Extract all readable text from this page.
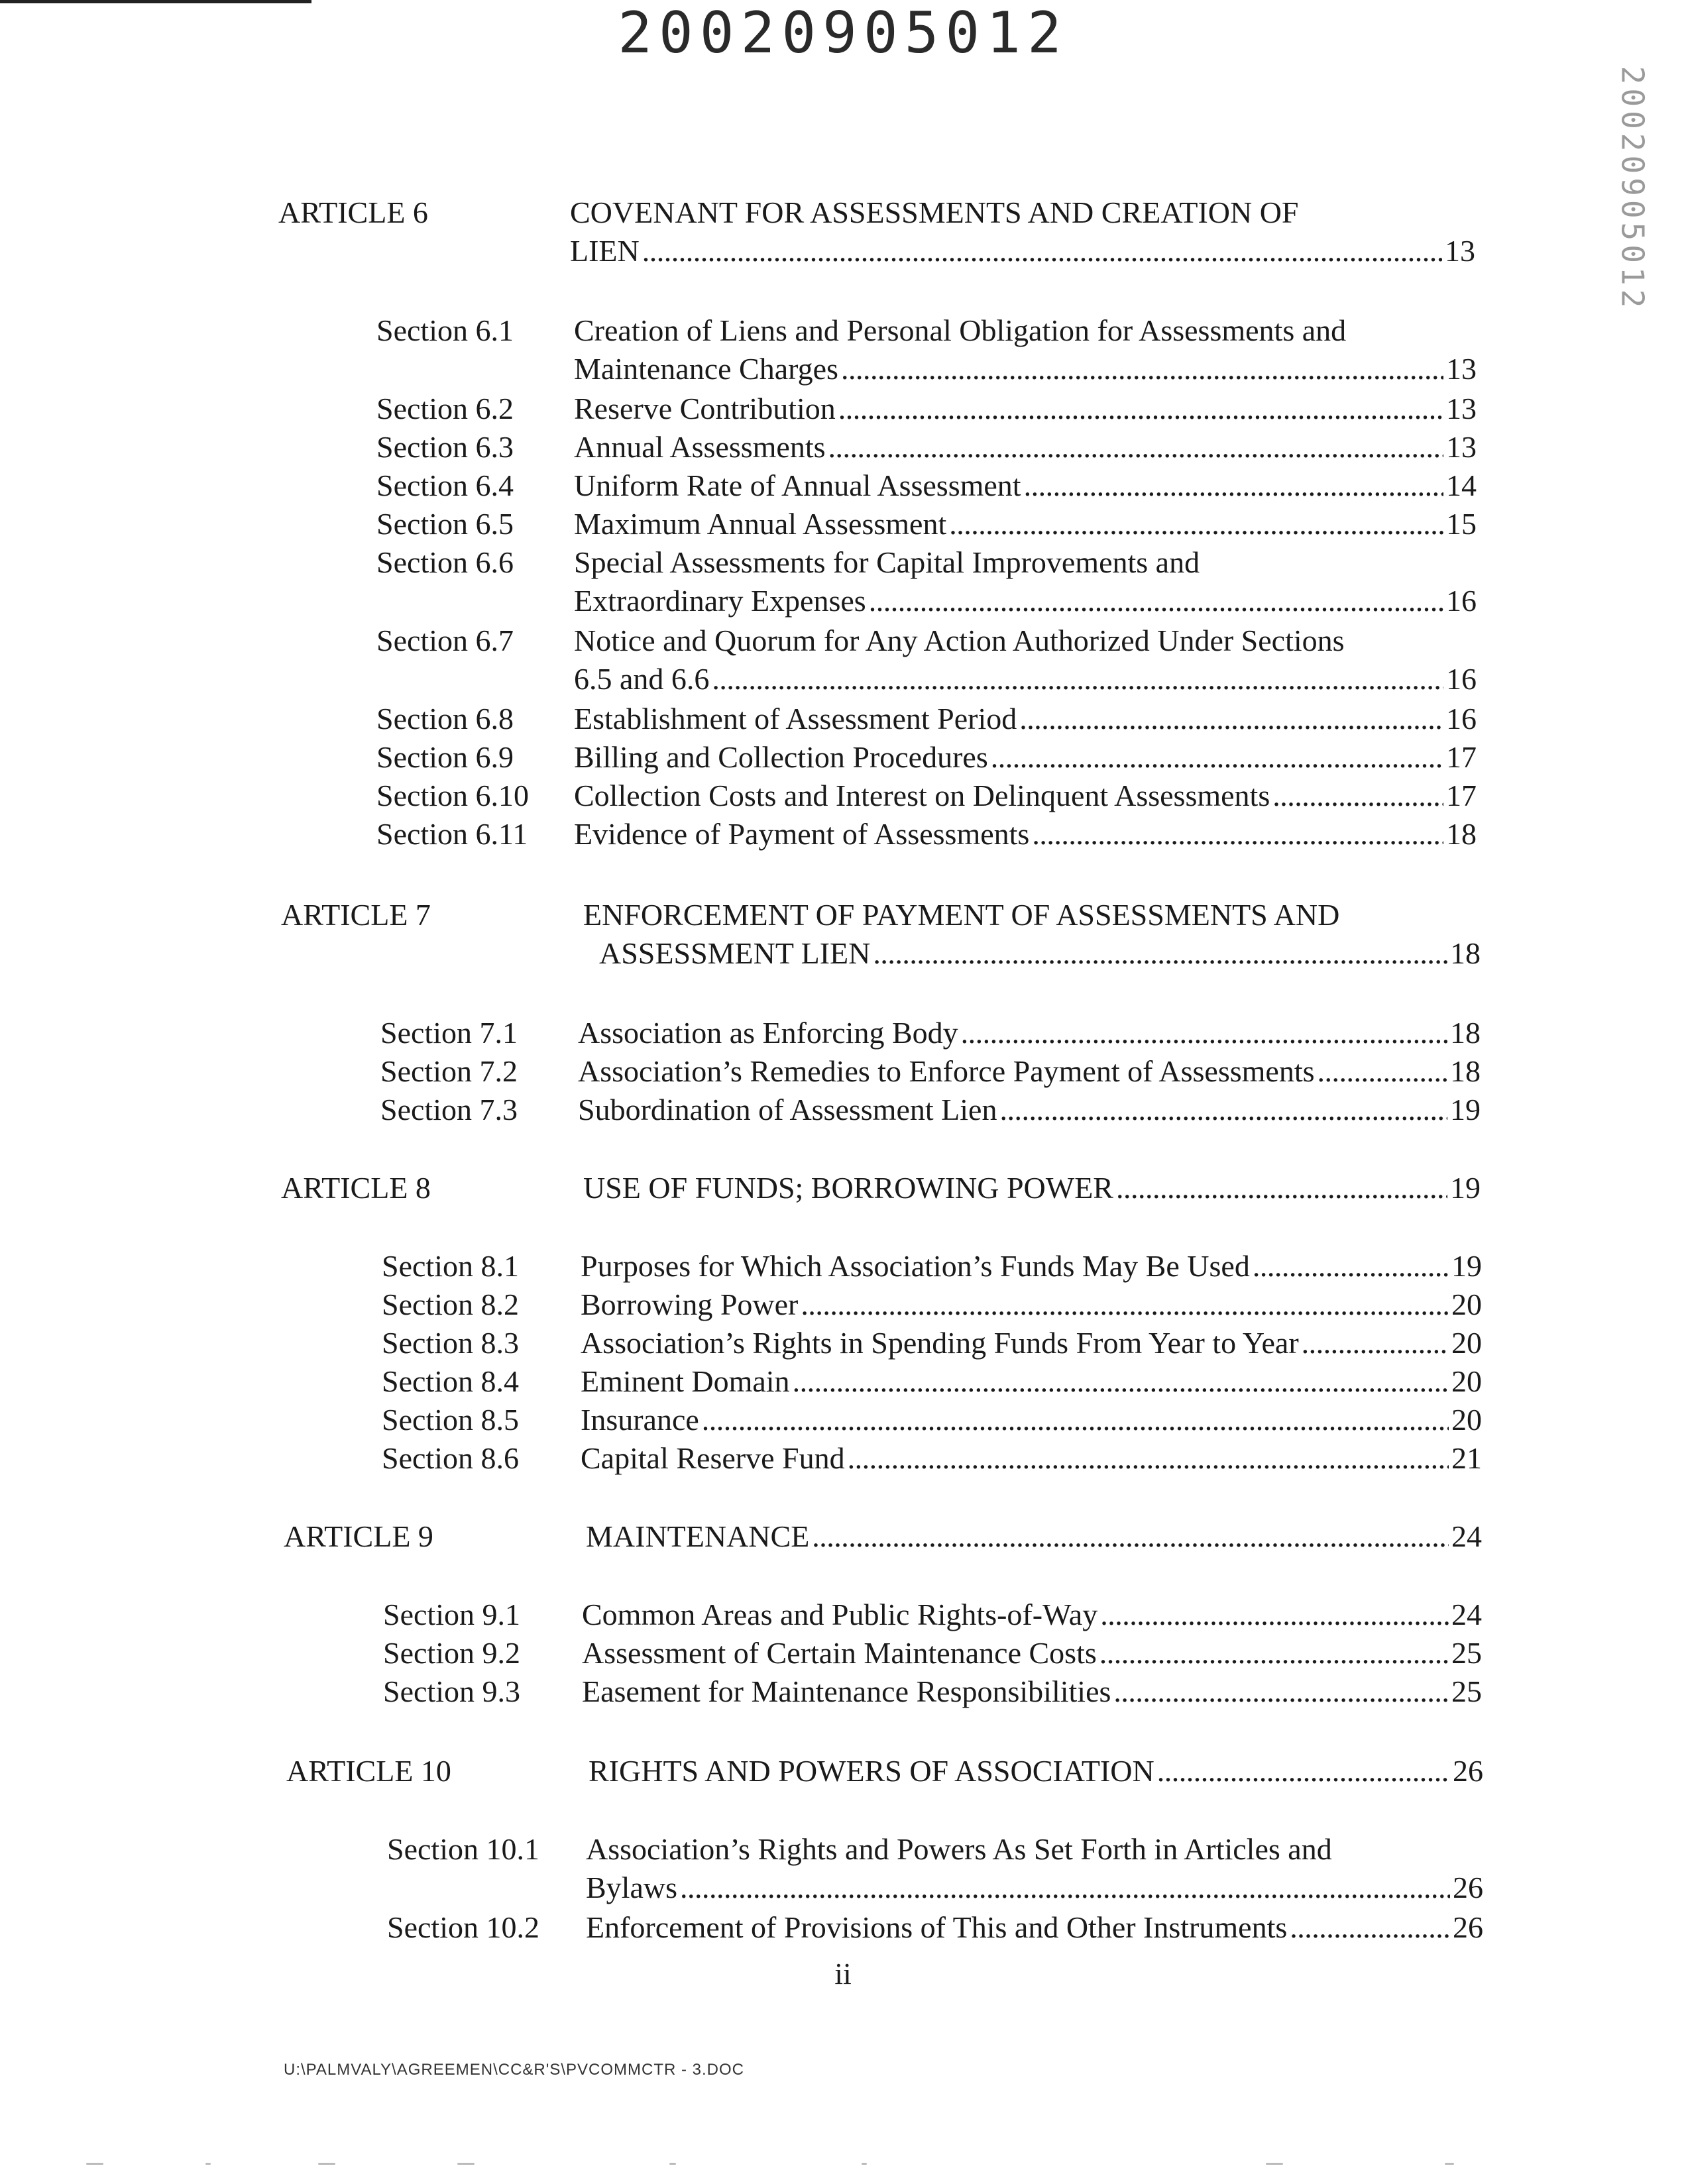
20020905012
20020905012
ARTICLE 6	COVENANT FOR ASSESSMENTS AND CREATION OF
LIEN . . .	13
Section 6.1 Creation of Liens and Personal Obligation for Assessments and
Maintenance Charges . . .	13
Section 6.2 Reserve Contribution . . .	13
Section 6.3 Annual Assessments . . .	13
Section 6.4 Uniform Rate of Annual Assessment . . .	14
Section 6.5 Maximum Annual Assessment . . .	15
Section 6.6 Special Assessments for Capital Improvements and
Extraordinary Expenses . . .	16
Section 6.7 Notice and Quorum for Any Action Authorized Under Sections
6.5 and 6.6 . . .	16
Section 6.8 Establishment of Assessment Period . . .	16
Section 6.9 Billing and Collection Procedures . . .	17
Section 6.10 Collection Costs and Interest on Delinquent Assessments . . .	17
Section 6.11 Evidence of Payment of Assessments . . .	18
ARTICLE 7	ENFORCEMENT OF PAYMENT OF ASSESSMENTS AND
ASSESSMENT LIEN . . .	18
Section 7.1 Association as Enforcing Body . . .	18
Section 7.2 Association’s Remedies to Enforce Payment of Assessments . . .	18
Section 7.3 Subordination of Assessment Lien . . .	19
ARTICLE 8	USE OF FUNDS; BORROWING POWER . . .	19
Section 8.1 Purposes for Which Association’s Funds May Be Used . . .	19
Section 8.2 Borrowing Power . . .	20
Section 8.3 Association’s Rights in Spending Funds From Year to Year . . .	20
Section 8.4 Eminent Domain . . .	20
Section 8.5 Insurance . . .	20
Section 8.6 Capital Reserve Fund . . .	21
ARTICLE 9	MAINTENANCE . . .	24
Section 9.1 Common Areas and Public Rights-of-Way . . .	24
Section 9.2 Assessment of Certain Maintenance Costs . . .	25
Section 9.3 Easement for Maintenance Responsibilities . . .	25
ARTICLE 10	RIGHTS AND POWERS OF ASSOCIATION . . .	26
Section 10.1 Association’s Rights and Powers As Set Forth in Articles and
Bylaws . . .	26
Section 10.2 Enforcement of Provisions of This and Other Instruments . . .	26
ii
U:\PALMVALY\AGREEMEN\CC&R'S\PVCOMMCTR - 3.DOC
